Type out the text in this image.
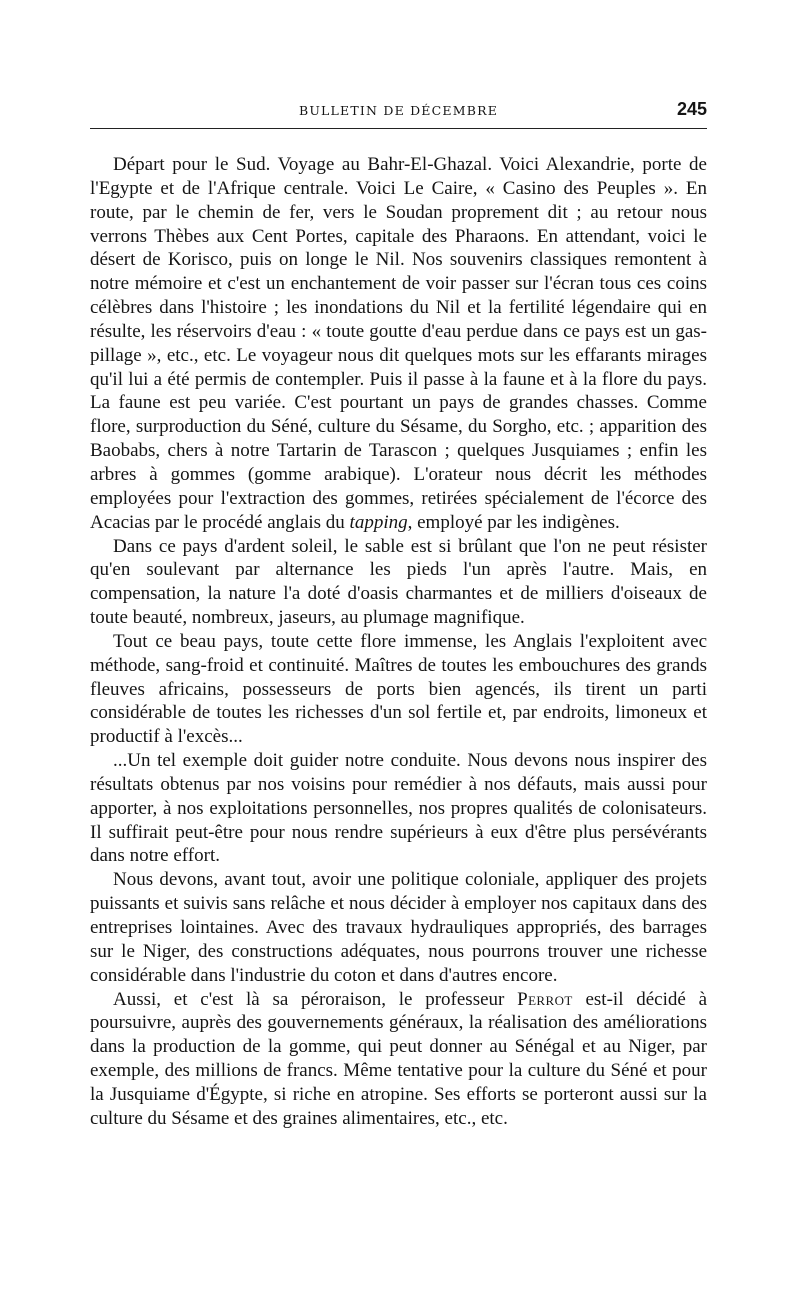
BULLETIN DE DÉCEMBRE	245

Départ pour le Sud. Voyage au Bahr-El-Ghazal. Voici Alexandrie, porte de l'Egypte et de l'Afrique centrale. Voici Le Caire, « Casino des Peuples ». En route, par le chemin de fer, vers le Soudan proprement dit ; au retour nous verrons Thèbes aux Cent Portes, capitale des Pharaons. En attendant, voici le désert de Korisco, puis on longe le Nil. Nos souvenirs classiques remontent à notre mémoire et c'est un enchantement de voir passer sur l'écran tous ces coins célèbres dans l'histoire ; les inondations du Nil et la fertilité légendaire qui en résulte, les réservoirs d'eau : « toute goutte d'eau perdue dans ce pays est un gaspillage », etc., etc. Le voyageur nous dit quelques mots sur les effarants mirages qu'il lui a été permis de contempler. Puis il passe à la faune et à la flore du pays. La faune est peu variée. C'est pourtant un pays de grandes chasses. Comme flore, surproduction du Séné, culture du Sésame, du Sorgho, etc. ; apparition des Baobabs, chers à notre Tartarin de Tarascon ; quelques Jusquiames ; enfin les arbres à gommes (gomme arabique). L'orateur nous décrit les méthodes employées pour l'extraction des gommes, retirées spécialement de l'écorce des Acacias par le procédé anglais du tapping, employé par les indigènes.

Dans ce pays d'ardent soleil, le sable est si brûlant que l'on ne peut résister qu'en soulevant par alternance les pieds l'un après l'autre. Mais, en compensation, la nature l'a doté d'oasis charmantes et de milliers d'oiseaux de toute beauté, nombreux, jaseurs, au plumage magnifique.

Tout ce beau pays, toute cette flore immense, les Anglais l'exploitent avec méthode, sang-froid et continuité. Maîtres de toutes les embouchures des grands fleuves africains, possesseurs de ports bien agencés, ils tirent un parti considérable de toutes les richesses d'un sol fertile et, par endroits, limoneux et productif à l'excès...

...Un tel exemple doit guider notre conduite. Nous devons nous inspirer des résultats obtenus par nos voisins pour remédier à nos défauts, mais aussi pour apporter, à nos exploitations personnelles, nos propres qualités de colonisateurs. Il suffirait peut-être pour nous rendre supérieurs à eux d'être plus persévérants dans notre effort.

Nous devons, avant tout, avoir une politique coloniale, appliquer des projets puissants et suivis sans relâche et nous décider à employer nos capitaux dans des entreprises lointaines. Avec des travaux hydrauliques appropriés, des barrages sur le Niger, des constructions adéquates, nous pourrons trouver une richesse considérable dans l'industrie du coton et dans d'autres encore.

Aussi, et c'est là sa péroraison, le professeur Perrot est-il décidé à poursuivre, auprès des gouvernements généraux, la réalisation des améliorations dans la production de la gomme, qui peut donner au Sénégal et au Niger, par exemple, des millions de francs. Même tentative pour la culture du Séné et pour la Jusquiame d'Égypte, si riche en atropine. Ses efforts se porteront aussi sur la culture du Sésame et des graines alimentaires, etc., etc.
